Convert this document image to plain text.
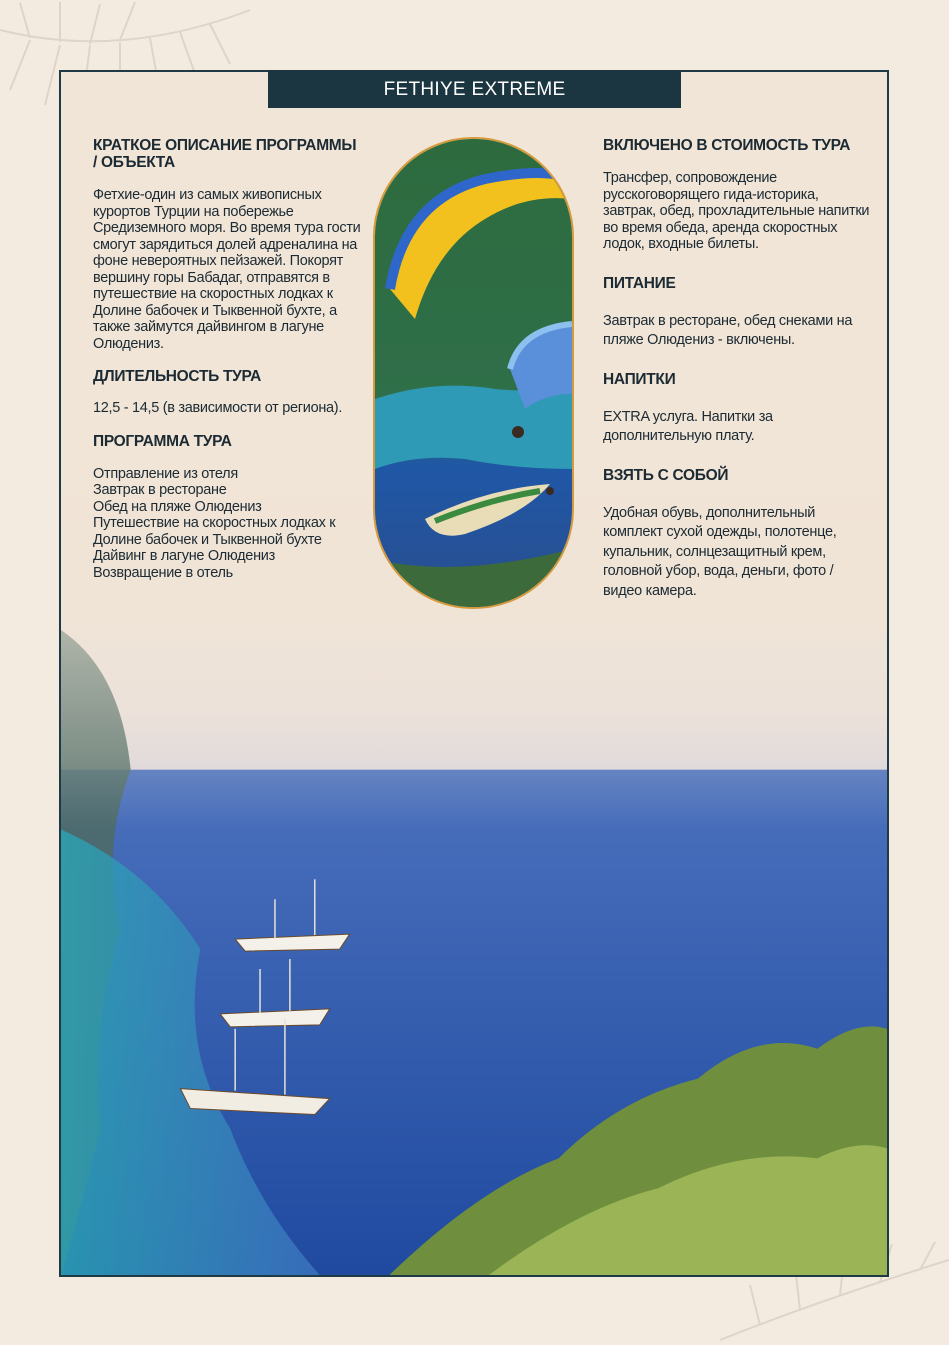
FETHIYE EXTREME

КРАТКОЕ ОПИСАНИЕ ПРОГРАММЫ / ОБЪЕКТА

Фетхие-один из самых живописных курортов Турции на побережье Средиземного моря. Во время тура гости смогут зарядиться долей адреналина на фоне невероятных пейзажей. Покорят вершину горы Бабадаг, отправятся в путешествие на скоростных лодках к Долине бабочек и Тыквенной бухте, а также займутся дайвингом в лагуне Олюдениз.

ДЛИТЕЛЬНОСТЬ ТУРА

12,5 - 14,5 (в зависимости от региона).

ПРОГРАММА ТУРА

Отправление из отеля
Завтрак в ресторане
Обед на пляже Олюдениз
Путешествие на скоростных лодках к Долине бабочек и Тыквенной бухте
Дайвинг в лагуне Олюдениз
Возвращение в отель

ВКЛЮЧЕНО В СТОИМОСТЬ ТУРА

Трансфер, сопровождение русскоговорящего гида-историка, завтрак, обед, прохладительные напитки во время обеда, аренда скоростных лодок, входные билеты.

ПИТАНИЕ

Завтрак в ресторане, обед снеками на пляже Олюдениз - включены.

НАПИТКИ

EXTRA услуга. Напитки за дополнительную плату.

ВЗЯТЬ С СОБОЙ

Удобная обувь, дополнительный комплект сухой одежды, полотенце, купальник, солнцезащитный крем, головной убор, вода, деньги, фото / видео камера.
